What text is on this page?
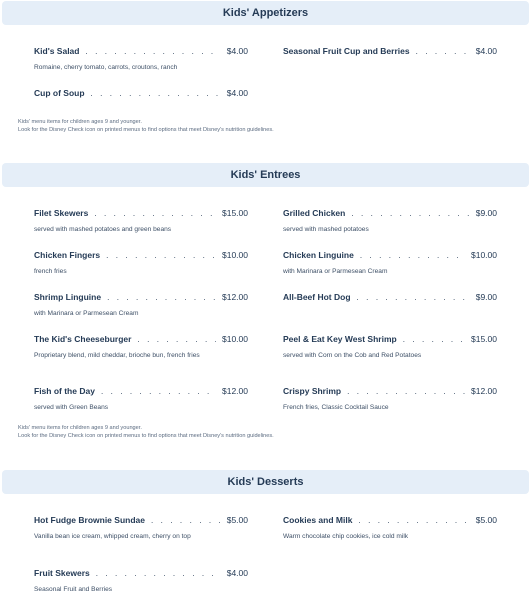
Kids' Appetizers
Kid's Salad . . .	$4.00
Romaine, cherry tomato, carrots, croutons, ranch
Seasonal Fruit Cup and Berries . . .	$4.00
Cup of Soup . . .	$4.00
Kids' menu items for children ages 9 and younger.
Look for the Disney Check icon on printed menus to find options that meet Disney's nutrition guidelines.
Kids' Entrees
Filet Skewers . . .	$15.00
served with mashed potatoes and green beans
Grilled Chicken . . .	$9.00
served with mashed potatoes
Chicken Fingers . . .	$10.00
french fries
Chicken Linguine . . .	$10.00
with Marinara or Parmesean Cream
Shrimp Linguine . . .	$12.00
with Marinara or Parmesean Cream
All-Beef Hot Dog . . .	$9.00
The Kid's Cheeseburger . . .	$10.00
Proprietary blend, mild cheddar, brioche bun, french fries
Peel & Eat Key West Shrimp . . .	$15.00
served with Corn on the Cob and Red Potatoes
Fish of the Day . . .	$12.00
served with Green Beans
Crispy Shrimp . . .	$12.00
French fries, Classic Cocktail Sauce
Kids' menu items for children ages 9 and younger.
Look for the Disney Check icon on printed menus to find options that meet Disney's nutrition guidelines.
Kids' Desserts
Hot Fudge Brownie Sundae . . .	$5.00
Vanilla bean ice cream, whipped cream, cherry on top
Cookies and Milk . . .	$5.00
Warm chocolate chip cookies, ice cold milk
Fruit Skewers . . .	$4.00
Seasonal Fruit and Berries
